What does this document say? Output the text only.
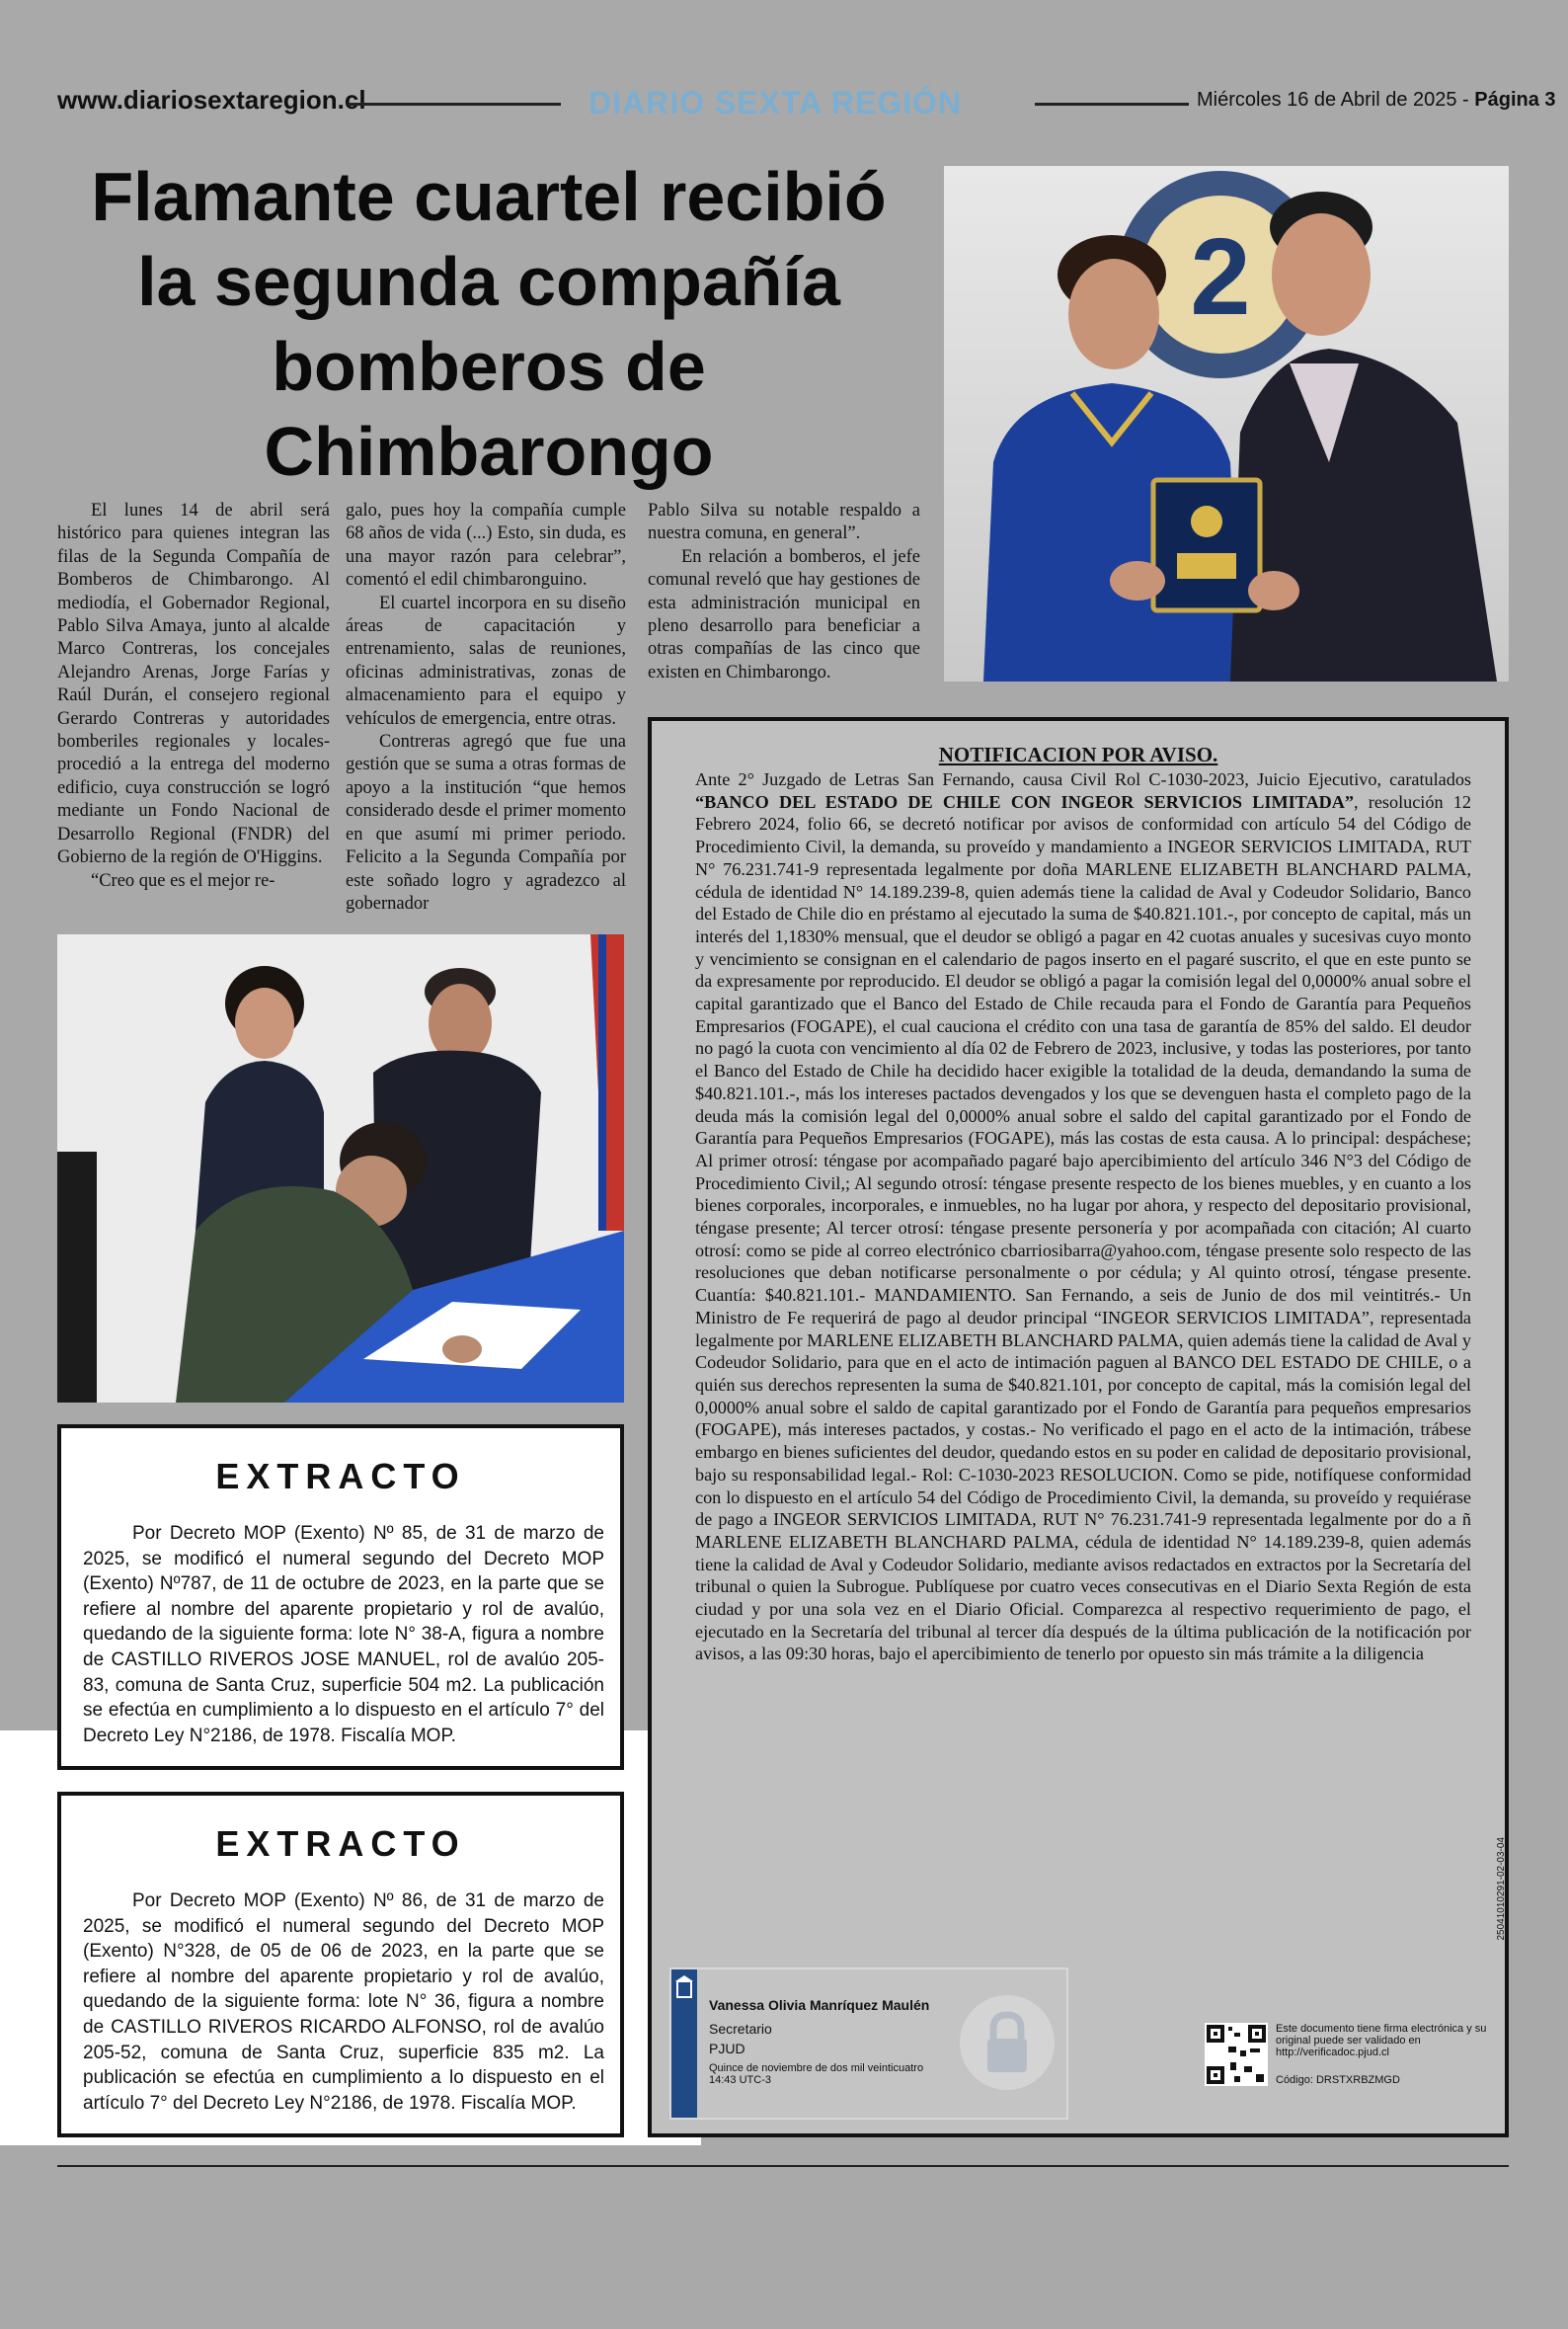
www.diariosextaregion.cl	DIARIO SEXTA REGIÓN	Miércoles 16 de Abril de 2025 - Página 3
Flamante cuartel recibió la segunda compañía bomberos de Chimbarongo

El lunes 14 de abril será histórico para quienes integran las filas de la Segunda Compañía de Bomberos de Chimbarongo. Al mediodía, el Gobernador Regional, Pablo Silva Amaya, junto al alcalde Marco Contreras, los concejales Alejandro Arenas, Jorge Farías y Raúl Durán, el consejero regional Gerardo Contreras y autoridades bomberiles regionales y locales- procedió a la entrega del moderno edificio, cuya construcción se logró mediante un Fondo Nacional de Desarrollo Regional (FNDR) del Gobierno de la región de O'Higgins.

“Creo que es el mejor re-

galo, pues hoy la compañía cumple 68 años de vida (...) Esto, sin duda, es una mayor razón para celebrar”, comentó el edil chimbaronguino.

El cuartel incorpora en su diseño áreas de capacitación y entrenamiento, salas de reuniones, oficinas administrativas, zonas de almacenamiento para el equipo y vehículos de emergencia, entre otras.

Contreras agregó que fue una gestión que se suma a otras formas de apoyo a la institución “que hemos considerado desde el primer momento en que asumí mi primer periodo. Felicito a la Segunda Compañía por este soñado logro y agradezco al gobernador

Pablo Silva su notable respaldo a nuestra comuna, en general”.

En relación a bomberos, el jefe comunal reveló que hay gestiones de esta administración municipal en pleno desarrollo para beneficiar a otras compañías de las cinco que existen en Chimbarongo.

2
EXTRACTO
Por Decreto MOP (Exento) Nº 85, de 31 de marzo de 2025, se modificó el numeral segundo del Decreto MOP (Exento) Nº787, de 11 de octubre de 2023, en la parte que se refiere al nombre del aparente propietario y rol de avalúo, quedando de la siguiente forma: lote N° 38-A, figura a nombre de CASTILLO RIVEROS JOSE MANUEL, rol de avalúo 205-83, comuna de Santa Cruz, superficie 504 m2. La publicación se efectúa en cumplimiento a lo dispuesto en el artículo 7° del Decreto Ley N°2186, de 1978. Fiscalía MOP.
EXTRACTO
Por Decreto MOP (Exento) Nº 86, de 31 de marzo de 2025, se modificó el numeral segundo del Decreto MOP (Exento) N°328, de 05 de 06 de 2023, en la parte que se refiere al nombre del aparente propietario y rol de avalúo, quedando de la siguiente forma: lote N° 36, figura a nombre de CASTILLO RIVEROS RICARDO ALFONSO, rol de avalúo 205-52, comuna de Santa Cruz, superficie 835 m2. La publicación se efectúa en cumplimiento a lo dispuesto en el artículo 7° del Decreto Ley N°2186, de 1978. Fiscalía MOP.
NOTIFICACION POR AVISO.
Ante 2° Juzgado de Letras San Fernando, causa Civil Rol C-1030-2023, Juicio Ejecutivo, caratulados “BANCO DEL ESTADO DE CHILE CON INGEOR SERVICIOS LIMITADA”, resolución 12 Febrero 2024, folio 66, se decretó notificar por avisos de conformidad con artículo 54 del Código de Procedimiento Civil, la demanda, su proveído y mandamiento a INGEOR SERVICIOS LIMITADA, RUT N° 76.231.741-9 representada legalmente por doña MARLENE ELIZABETH BLANCHARD PALMA, cédula de identidad N° 14.189.239-8, quien además tiene la calidad de Aval y Codeudor Solidario, Banco del Estado de Chile dio en préstamo al ejecutado la suma de $40.821.101.-, por concepto de capital, más un interés del 1,1830% mensual, que el deudor se obligó a pagar en 42 cuotas anuales y sucesivas cuyo monto y vencimiento se consignan en el calendario de pagos inserto en el pagaré suscrito, el que en este punto se da expresamente por reproducido. El deudor se obligó a pagar la comisión legal del 0,0000% anual sobre el capital garantizado que el Banco del Estado de Chile recauda para el Fondo de Garantía para Pequeños Empresarios (FOGAPE), el cual cauciona el crédito con una tasa de garantía de 85% del saldo. El deudor no pagó la cuota con vencimiento al día 02 de Febrero de 2023, inclusive, y todas las posteriores, por tanto el Banco del Estado de Chile ha decidido hacer exigible la totalidad de la deuda, demandando la suma de $40.821.101.-, más los intereses pactados devengados y los que se devenguen hasta el completo pago de la deuda más la comisión legal del 0,0000% anual sobre el saldo del capital garantizado por el Fondo de Garantía para Pequeños Empresarios (FOGAPE), más las costas de esta causa. A lo principal: despáchese; Al primer otrosí: téngase por acompañado pagaré bajo apercibimiento del artículo 346 N°3 del Código de Procedimiento Civil,; Al segundo otrosí: téngase presente respecto de los bienes muebles, y en cuanto a los bienes corporales, incorporales, e inmuebles, no ha lugar por ahora, y respecto del depositario provisional, téngase presente; Al tercer otrosí: téngase presente personería y por acompañada con citación; Al cuarto otrosí: como se pide al correo electrónico cbarriosibarra@yahoo.com, téngase presente solo respecto de las resoluciones que deban notificarse personalmente o por cédula; y Al quinto otrosí, téngase presente. Cuantía: $40.821.101.- MANDAMIENTO. San Fernando, a seis de Junio de dos mil veintitrés.- Un Ministro de Fe requerirá de pago al deudor principal “INGEOR SERVICIOS LIMITADA”, representada legalmente por MARLENE ELIZABETH BLANCHARD PALMA, quien además tiene la calidad de Aval y Codeudor Solidario, para que en el acto de intimación paguen al BANCO DEL ESTADO DE CHILE, o a quién sus derechos representen la suma de $40.821.101, por concepto de capital, más la comisión legal del 0,0000% anual sobre el saldo de capital garantizado por el Fondo de Garantía para pequeños empresarios (FOGAPE), más intereses pactados, y costas.- No verificado el pago en el acto de la intimación, trábese embargo en bienes suficientes del deudor, quedando estos en su poder en calidad de depositario provisional, bajo su responsabilidad legal.- Rol: C-1030-2023 RESOLUCION. Como se pide, notifíquese conformidad con lo dispuesto en el artículo 54 del Código de Procedimiento Civil, la demanda, su proveído y requiérase de pago a INGEOR SERVICIOS LIMITADA, RUT N° 76.231.741-9 representada legalmente por do a ñ MARLENE ELIZABETH BLANCHARD PALMA, cédula de identidad N° 14.189.239-8, quien además tiene la calidad de Aval y Codeudor Solidario, mediante avisos redactados en extractos por la Secretaría del tribunal o quien la Subrogue. Publíquese por cuatro veces consecutivas en el Diario Sexta Región de esta ciudad y por una sola vez en el Diario Oficial. Comparezca al respectivo requerimiento de pago, el ejecutado en la Secretaría del tribunal al tercer día después de la última publicación de la notificación por avisos, a las 09:30 horas, bajo el apercibimiento de tenerlo por opuesto sin más trámite a la diligencia
Vanessa Olivia Manríquez Maulén
Secretario
PJUD
Quince de noviembre de dos mil veinticuatro 14:43 UTC-3
Este documento tiene firma electrónica y su original puede ser validado en http://verificadoc.pjud.cl
Código: DRSTXRBZMGD
25041010291-02-03-04
